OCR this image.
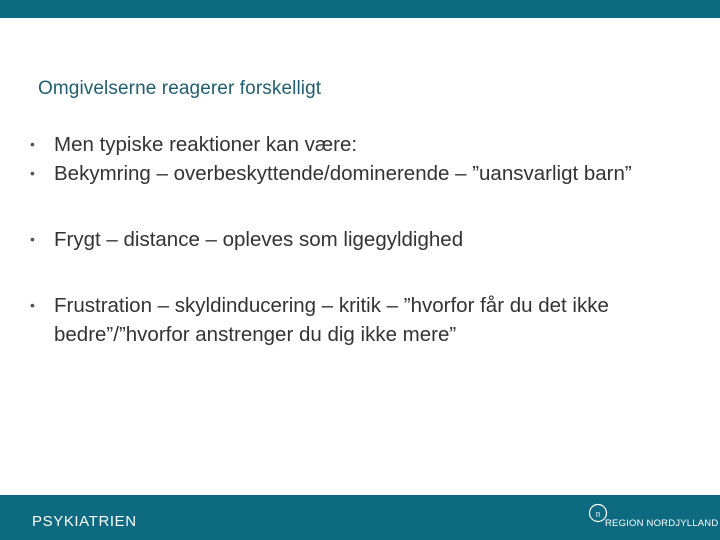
Omgivelserne reagerer forskelligt
• Men typiske reaktioner kan være:
• Bekymring – overbeskyttende/dominerende – ”uansvarligt barn”
• Frygt – distance – opleves som ligegyldighed
• Frustration – skyldinducering – kritik – ”hvorfor får du det ikke bedre”/”hvorfor anstrenger du dig ikke mere”
PSYKIATRIEN	n
REGION NORDJYLLAND
